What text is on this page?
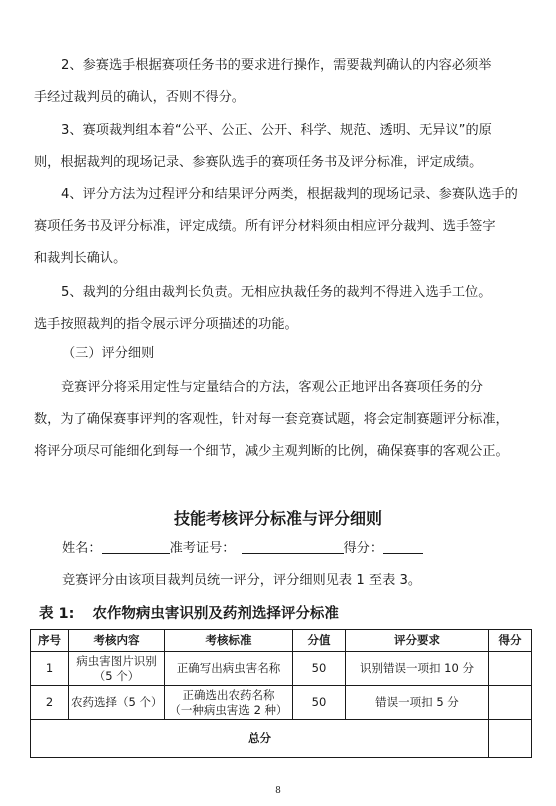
2、参赛选手根据赛项任务书的要求进行操作，需要裁判确认的内容必须举
手经过裁判员的确认，否则不得分。
3、赛项裁判组本着“公平、公正、公开、科学、规范、透明、无异议”的原
则，根据裁判的现场记录、参赛队选手的赛项任务书及评分标准，评定成绩。
4、评分方法为过程评分和结果评分两类，根据裁判的现场记录、参赛队选手的
赛项任务书及评分标准，评定成绩。所有评分材料须由相应评分裁判、选手签字
和裁判长确认。
5、裁判的分组由裁判长负责。无相应执裁任务的裁判不得进入选手工位。
选手按照裁判的指令展示评分项描述的功能。
（三）评分细则
竞赛评分将采用定性与定量结合的方法，客观公正地评出各赛项任务的分
数，为了确保赛事评判的客观性，针对每一套竞赛试题，将会定制赛题评分标准，
将评分项尽可能细化到每一个细节，减少主观判断的比例，确保赛事的客观公正。
技能考核评分标准与评分细则
姓名：	准考证号：	得分：
竞赛评分由该项目裁判员统一评分，评分细则见表 1 至表 3。
表 1: 农作物病虫害识别及药剂选择评分标准
序号	考核内容	考核标准	分值	评分要求	得分
1	病虫害图片识别
（5 个）	正确写出病虫害名称	50	识别错误一项扣 10 分	
2	农药选择（5 个）	正确选出农药名称
（一种病虫害选 2 种）	50	错误一项扣 5 分	
总分					
8
